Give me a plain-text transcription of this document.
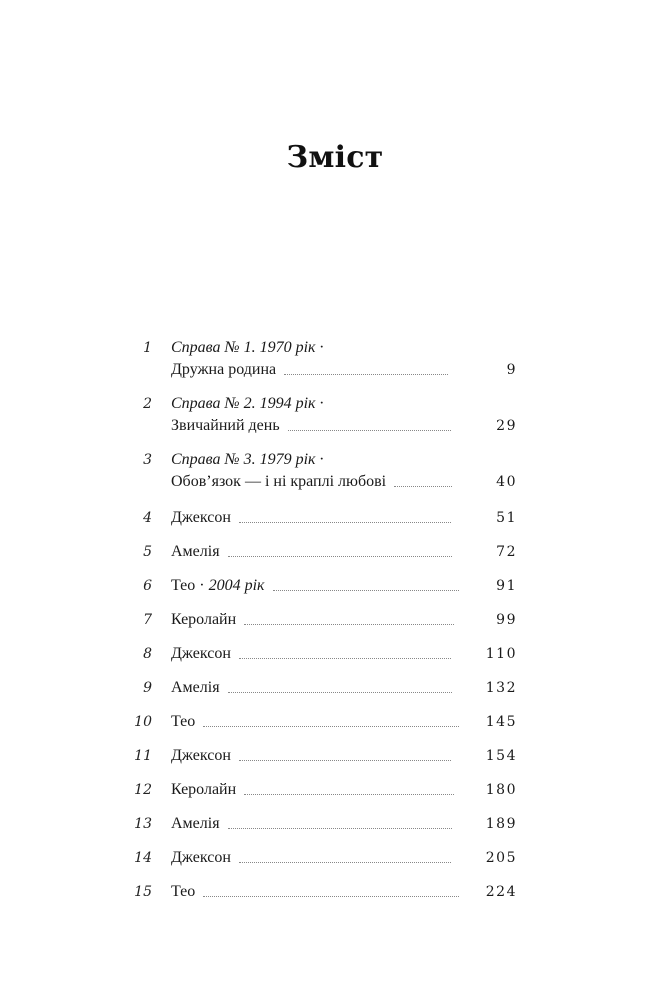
Зміст
1 Справа № 1. 1970 рік ·
Дружна родина	9
2 Справа № 2. 1994 рік ·
Звичайний день	29
3 Справа № 3. 1979 рік ·
Обов’язок — і ні краплі любові	40
4 Джексон	51
5 Амелія	72
6 Тео · 2004 рік	91
7 Керолайн	99
8 Джексон	110
9 Амелія	132
10 Тео	145
11 Джексон	154
12 Керолайн	180
13 Амелія	189
14 Джексон	205
15 Тео	224
